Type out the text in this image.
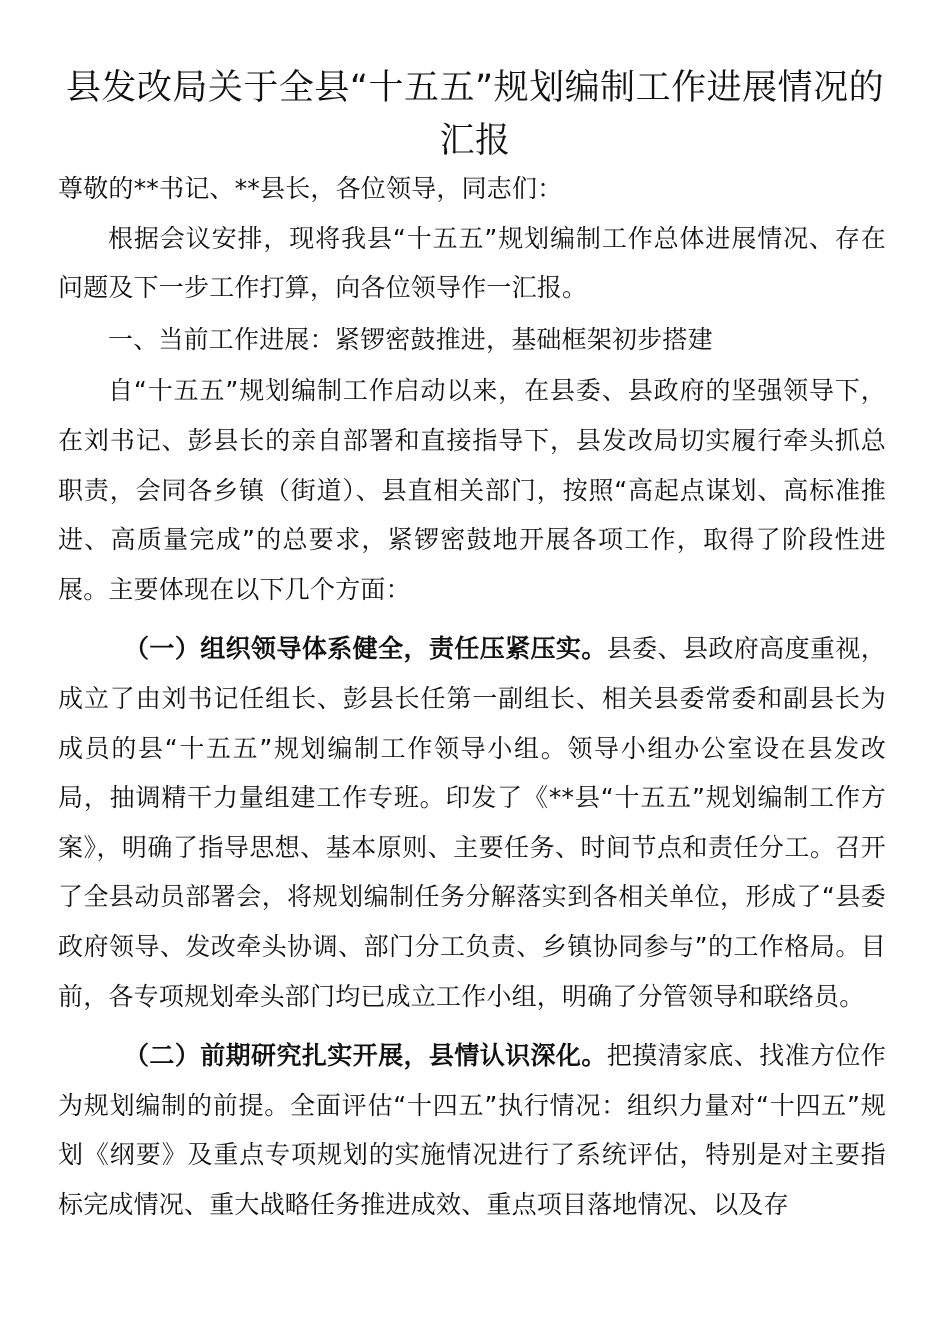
县发改局关于全县“十五五”规划编制工作进展情况的汇报

尊敬的**书记、**县长，各位领导，同志们：

根据会议安排，现将我县“十五五”规划编制工作总体进展情况、存在问题及下一步工作打算，向各位领导作一汇报。

一、当前工作进展：紧锣密鼓推进，基础框架初步搭建

自“十五五”规划编制工作启动以来，在县委、县政府的坚强领导下，在刘书记、彭县长的亲自部署和直接指导下，县发改局切实履行牵头抓总职责，会同各乡镇（街道）、县直相关部门，按照“高起点谋划、高标准推进、高质量完成”的总要求，紧锣密鼓地开展各项工作，取得了阶段性进展。主要体现在以下几个方面：

（一）组织领导体系健全，责任压紧压实。县委、县政府高度重视，成立了由刘书记任组长、彭县长任第一副组长、相关县委常委和副县长为成员的县“十五五”规划编制工作领导小组。领导小组办公室设在县发改局，抽调精干力量组建工作专班。印发了《**县“十五五”规划编制工作方案》，明确了指导思想、基本原则、主要任务、时间节点和责任分工。召开了全县动员部署会，将规划编制任务分解落实到各相关单位，形成了“县委政府领导、发改牵头协调、部门分工负责、乡镇协同参与”的工作格局。目前，各专项规划牵头部门均已成立工作小组，明确了分管领导和联络员。

（二）前期研究扎实开展，县情认识深化。把摸清家底、找准方位作为规划编制的前提。全面评估“十四五”执行情况：组织力量对“十四五”规划《纲要》及重点专项规划的实施情况进行了系统评估，特别是对主要指标完成情况、重大战略任务推进成效、重点项目落地情况、以及存
